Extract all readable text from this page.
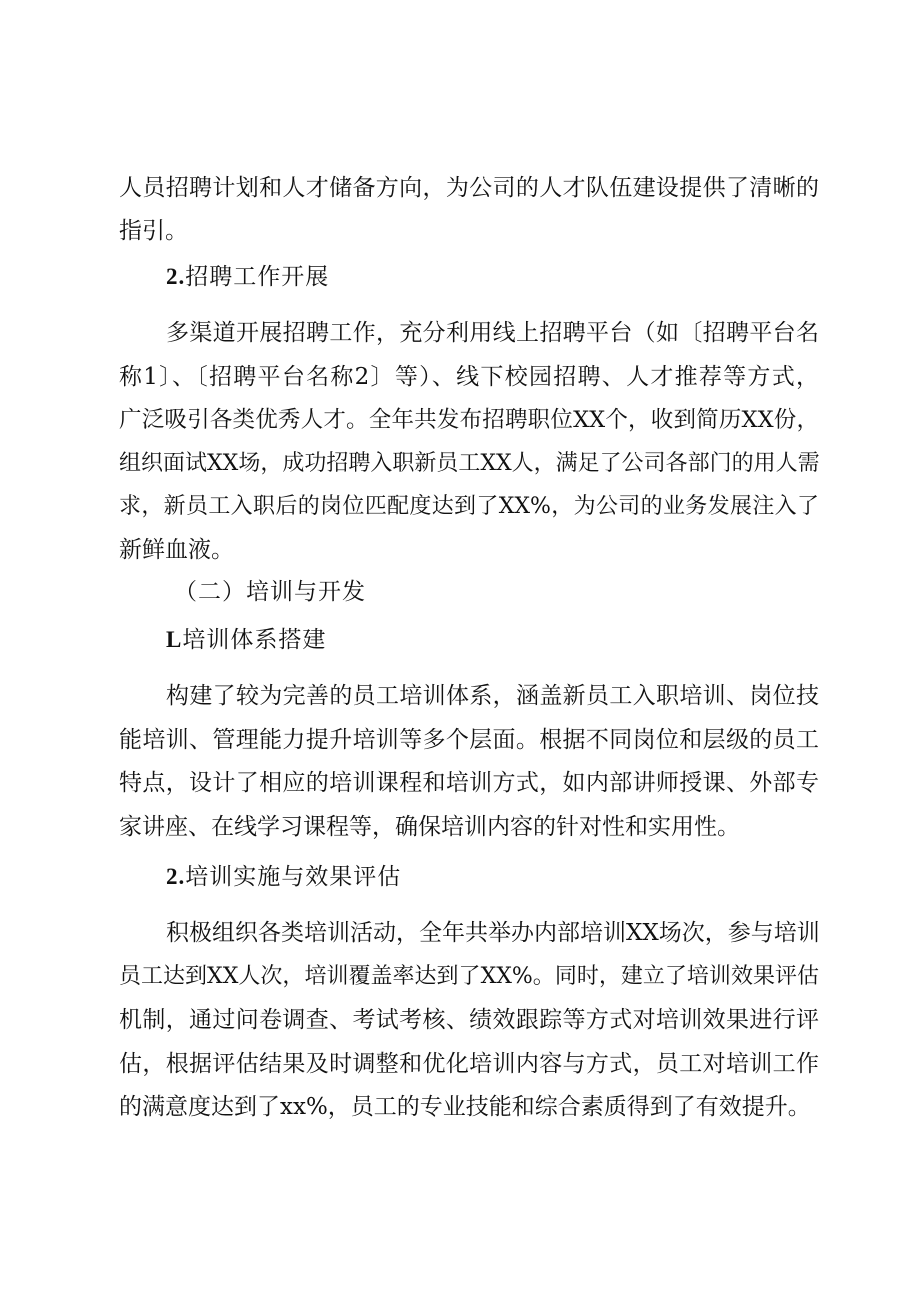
人员招聘计划和人才储备方向，为公司的人才队伍建设提供了清晰的
指引。
2.招聘工作开展
多渠道开展招聘工作，充分利用线上招聘平台（如〔招聘平台名
称1〕、〔招聘平台名称2〕等）、线下校园招聘、人才推荐等方式，
广泛吸引各类优秀人才。全年共发布招聘职位XX个，收到简历XX份，
组织面试XX场，成功招聘入职新员工XX人，满足了公司各部门的用人需
求，新员工入职后的岗位匹配度达到了XX%，为公司的业务发展注入了
新鲜血液。
（二）培训与开发
L培训体系搭建
构建了较为完善的员工培训体系，涵盖新员工入职培训、岗位技
能培训、管理能力提升培训等多个层面。根据不同岗位和层级的员工
特点，设计了相应的培训课程和培训方式，如内部讲师授课、外部专
家讲座、在线学习课程等，确保培训内容的针对性和实用性。
2.培训实施与效果评估
积极组织各类培训活动，全年共举办内部培训XX场次，参与培训
员工达到XX人次，培训覆盖率达到了XX%。同时，建立了培训效果评估
机制，通过问卷调查、考试考核、绩效跟踪等方式对培训效果进行评
估，根据评估结果及时调整和优化培训内容与方式，员工对培训工作
的满意度达到了xx%，员工的专业技能和综合素质得到了有效提升。
